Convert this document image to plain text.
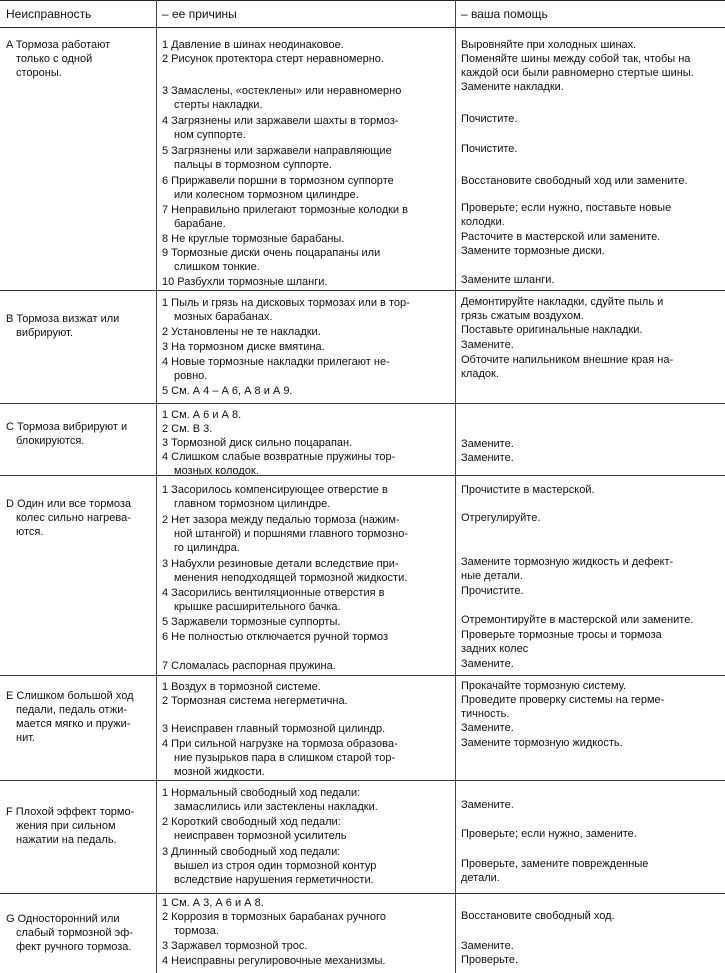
Неисправность	– ее причины	– ваша помощь
A Тормоза работают
только с одной
стороны.
1 Давление в шинах неодинаковое.
2 Рисунок протектора стерт неравномерно.
3 Замаслены, «остеклены» или неравномерно
стерты накладки.
4 Загрязнены или заржавели шахты в тормоз-
ном суппорте.
5 Загрязнены или заржавели направляющие
пальцы в тормозном суппорте.
6 Приржавели поршни в тормозном суппорте
или колесном тормозном цилиндре.
7 Неправильно прилегают тормозные колодки в
барабане.
8 Не круглые тормозные барабаны.
9 Тормозные диски очень поцарапаны или
слишком тонкие.
10 Разбухли тормозные шланги.
Выровняйте при холодных шинах.
Поменяйте шины между собой так, чтобы на
каждой оси были равномерно стертые шины.
Замените накладки.
Почистите.
Почистите.
Восстановите свободный ход или замените.
Проверьте; если нужно, поставьте новые
колодки.
Расточите в мастерской или замените.
Замените тормозные диски.
Замените шланги.
B Тормоза визжат или
вибрируют.
1 Пыль и грязь на дисковых тормозах или в тор-
мозных барабанах.
2 Установлены не те накладки.
3 На тормозном диске вмятина.
4 Новые тормозные накладки прилегают не-
ровно.
5 См. А 4 – А 6, А 8 и А 9.
Демонтируйте накладки, сдуйте пыль и
грязь сжатым воздухом.
Поставьте оригинальные накладки.
Замените.
Обточите напильником внешние края на-
кладок.
C Тормоза вибрируют и
блокируются.
1 См. А 6 и А 8.
2 См. В 3.
3 Тормозной диск сильно поцарапан.
4 Слишком слабые возвратные пружины тор-
мозных колодок.
Замените.
Замените.
D Один или все тормоза
колес сильно нагрева-
ются.
1 Засорилось компенсирующее отверстие в
главном тормозном цилиндре.
2 Нет зазора между педалью тормоза (нажим-
ной штангой) и поршнями главного тормозно-
го цилиндра.
3 Набухли резиновые детали вследствие при-
менения неподходящей тормозной жидкости.
4 Засорились вентиляционные отверстия в
крышке расширительного бачка.
5 Заржавели тормозные суппорты.
6 Не полностью отключается ручной тормоз
7 Сломалась распорная пружина.
Прочистите в мастерской.
Отрегулируйте.
Замените тормозную жидкость и дефект-
ные детали.
Прочистите.
Отремонтируйте в мастерской или замените.
Проверьте тормозные тросы и тормоза
задних колес
Замените.
E Слишком большой ход
педали, педаль отжи-
мается мягко и пружи-
нит.
1 Воздух в тормозной системе.
2 Тормозная система негерметична.
3 Неисправен главный тормозной цилиндр.
4 При сильной нагрузке на тормоза образова-
ние пузырьков пара в слишком старой тор-
мозной жидкости.
Прокачайте тормозную систему.
Проведите проверку системы на герме-
тичность.
Замените.
Замените тормозную жидкость.
F Плохой эффект тормо-
жения при сильном
нажатии на педаль.
1 Нормальный свободный ход педали:
замаслились или застеклены накладки.
2 Короткий свободный ход педали:
неисправен тормозной усилитель
3 Длинный свободный ход педали:
вышел из строя один тормозной контур
вследствие нарушения герметичности.
Замените.
Проверьте; если нужно, замените.
Проверьте, замените поврежденные
детали.
G Односторонний или
слабый тормозной эф-
фект ручного тормоза.
1 См. А 3, А 6 и А 8.
2 Коррозия в тормозных барабанах ручного
тормоза.
3 Заржавел тормозной трос.
4 Неисправны регулировочные механизмы.
Восстановите свободный ход.
Замените.
Проверьте.
